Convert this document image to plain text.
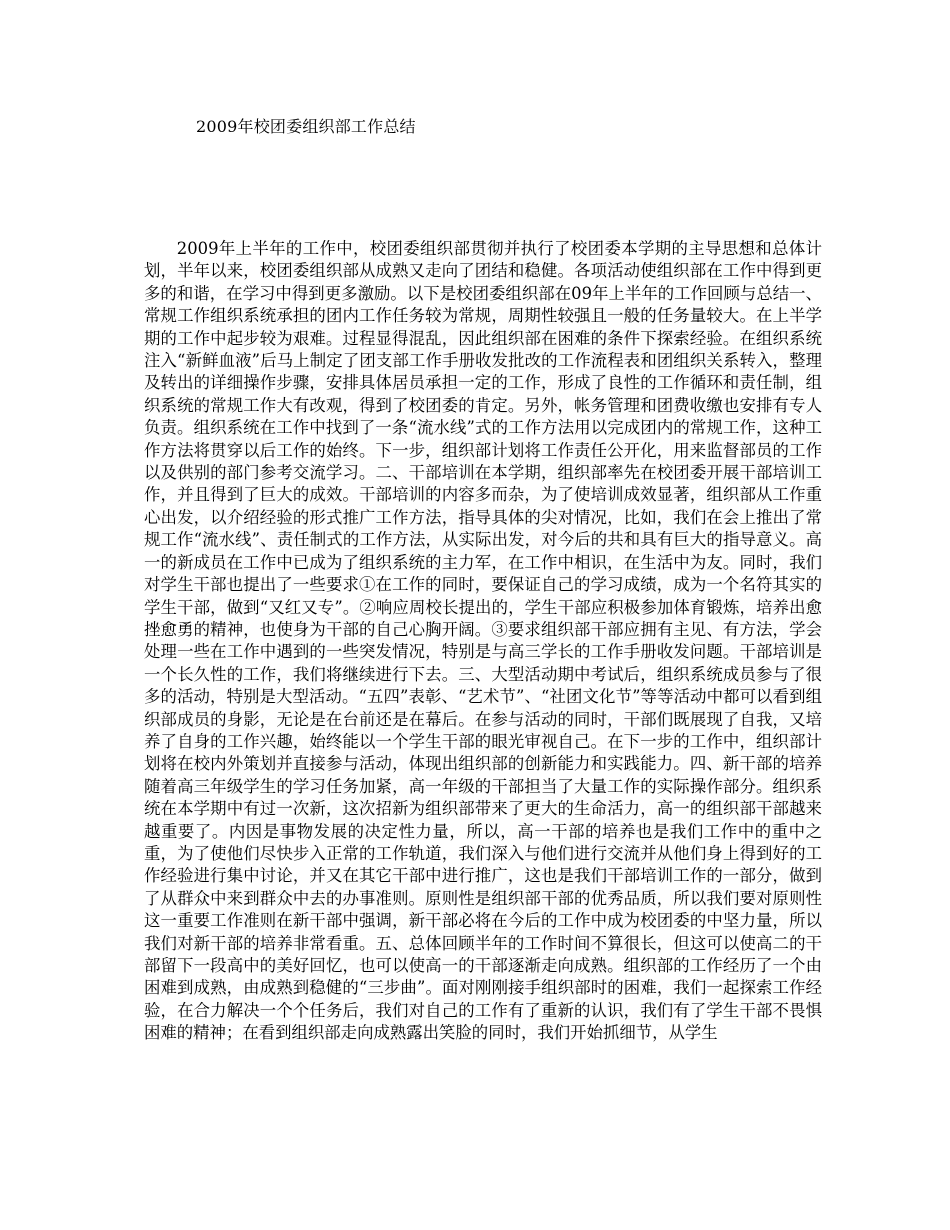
2009年校团委组织部工作总结

2009年上半年的工作中，校团委组织部贯彻并执行了校团委本学期的主导思想和总体计划，半年以来，校团委组织部从成熟又走向了团结和稳健。各项活动使组织部在工作中得到更多的和谐，在学习中得到更多激励。以下是校团委组织部在09年上半年的工作回顾与总结一、常规工作组织系统承担的团内工作任务较为常规，周期性较强且一般的任务量较大。在上半学期的工作中起步较为艰难。过程显得混乱，因此组织部在困难的条件下探索经验。在组织系统注入“新鲜血液”后马上制定了团支部工作手册收发批改的工作流程表和团组织关系转入，整理及转出的详细操作步骤，安排具体居员承担一定的工作，形成了良性的工作循环和责任制，组织系统的常规工作大有改观，得到了校团委的肯定。另外，帐务管理和团费收缴也安排有专人负责。组织系统在工作中找到了一条“流水线”式的工作方法用以完成团内的常规工作，这种工作方法将贯穿以后工作的始终。下一步，组织部计划将工作责任公开化，用来监督部员的工作以及供别的部门参考交流学习。二、干部培训在本学期，组织部率先在校团委开展干部培训工作，并且得到了巨大的成效。干部培训的内容多而杂，为了使培训成效显著，组织部从工作重心出发，以介绍经验的形式推广工作方法，指导具体的尖对情况，比如，我们在会上推出了常规工作“流水线”、责任制式的工作方法，从实际出发，对今后的共和具有巨大的指导意义。高一的新成员在工作中已成为了组织系统的主力军，在工作中相识，在生活中为友。同时，我们对学生干部也提出了一些要求①在工作的同时，要保证自己的学习成绩，成为一个名符其实的学生干部，做到“又红又专”。②响应周校长提出的，学生干部应积极参加体育锻炼，培养出愈挫愈勇的精神，也使身为干部的自己心胸开阔。③要求组织部干部应拥有主见、有方法，学会处理一些在工作中遇到的一些突发情况，特别是与高三学长的工作手册收发问题。干部培训是一个长久性的工作，我们将继续进行下去。三、大型活动期中考试后，组织系统成员参与了很多的活动，特别是大型活动。“五四”表彰、“艺术节”、“社团文化节”等等活动中都可以看到组织部成员的身影，无论是在台前还是在幕后。在参与活动的同时，干部们既展现了自我，又培养了自身的工作兴趣，始终能以一个学生干部的眼光审视自己。在下一步的工作中，组织部计划将在校内外策划并直接参与活动，体现出组织部的创新能力和实践能力。四、新干部的培养随着高三年级学生的学习任务加紧，高一年级的干部担当了大量工作的实际操作部分。组织系统在本学期中有过一次新，这次招新为组织部带来了更大的生命活力，高一的组织部干部越来越重要了。内因是事物发展的决定性力量，所以，高一干部的培养也是我们工作中的重中之重，为了使他们尽快步入正常的工作轨道，我们深入与他们进行交流并从他们身上得到好的工作经验进行集中讨论，并又在其它干部中进行推广，这也是我们干部培训工作的一部分，做到了从群众中来到群众中去的办事准则。原则性是组织部干部的优秀品质，所以我们要对原则性这一重要工作准则在新干部中强调，新干部必将在今后的工作中成为校团委的中坚力量，所以我们对新干部的培养非常看重。五、总体回顾半年的工作时间不算很长，但这可以使高二的干部留下一段高中的美好回忆，也可以使高一的干部逐渐走向成熟。组织部的工作经历了一个由困难到成熟，由成熟到稳健的“三步曲”。面对刚刚接手组织部时的困难，我们一起探索工作经验，在合力解决一个个任务后，我们对自己的工作有了重新的认识，我们有了学生干部不畏惧困难的精神；在看到组织部走向成熟露出笑脸的同时，我们开始抓细节，从学生
